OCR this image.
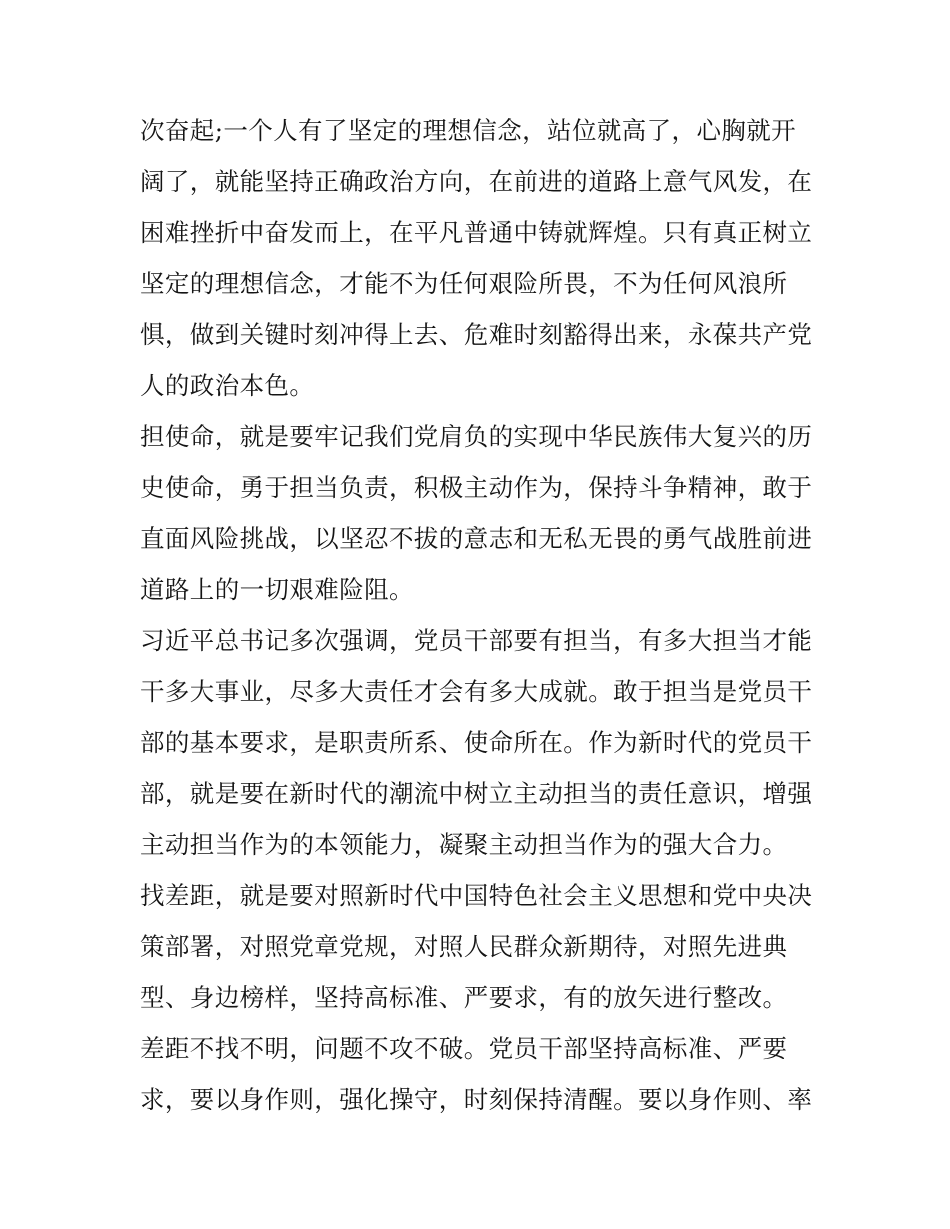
次奋起;一个人有了坚定的理想信念，站位就高了，心胸就开
阔了，就能坚持正确政治方向，在前进的道路上意气风发，在
困难挫折中奋发而上，在平凡普通中铸就辉煌。只有真正树立
坚定的理想信念，才能不为任何艰险所畏，不为任何风浪所
惧，做到关键时刻冲得上去、危难时刻豁得出来，永葆共产党
人的政治本色。
担使命，就是要牢记我们党肩负的实现中华民族伟大复兴的历
史使命，勇于担当负责，积极主动作为，保持斗争精神，敢于
直面风险挑战，以坚忍不拔的意志和无私无畏的勇气战胜前进
道路上的一切艰难险阻。
习近平总书记多次强调，党员干部要有担当，有多大担当才能
干多大事业，尽多大责任才会有多大成就。敢于担当是党员干
部的基本要求，是职责所系、使命所在。作为新时代的党员干
部，就是要在新时代的潮流中树立主动担当的责任意识，增强
主动担当作为的本领能力，凝聚主动担当作为的强大合力。
找差距，就是要对照新时代中国特色社会主义思想和党中央决
策部署，对照党章党规，对照人民群众新期待，对照先进典
型、身边榜样，坚持高标准、严要求，有的放矢进行整改。
差距不找不明，问题不攻不破。党员干部坚持高标准、严要
求，要以身作则，强化操守，时刻保持清醒。要以身作则、率
